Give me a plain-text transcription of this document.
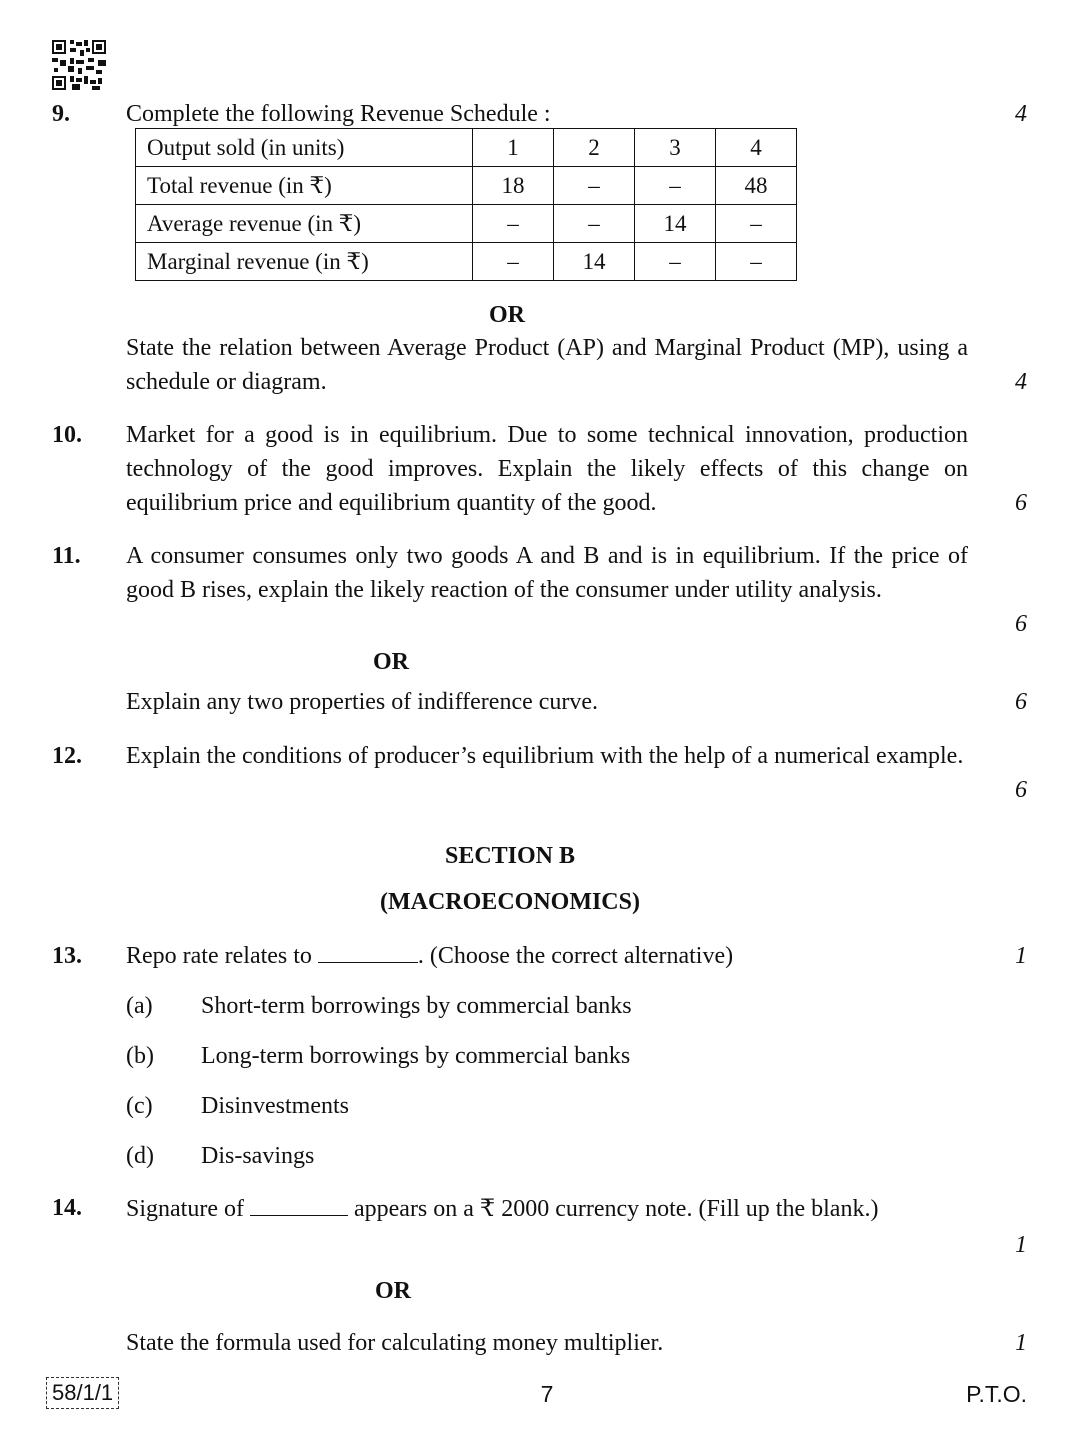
9. Complete the following Revenue Schedule :	4
Output sold (in units)	1	2	3	4
Total revenue (in ₹)	18	–	–	48
Average revenue (in ₹)	–	–	14	–
Marginal revenue (in ₹)	–	14	–	–
OR
State the relation between Average Product (AP) and Marginal Product (MP), using a schedule or diagram.	4
10. Market for a good is in equilibrium. Due to some technical innovation, production technology of the good improves. Explain the likely effects of this change on equilibrium price and equilibrium quantity of the good.	6
11. A consumer consumes only two goods A and B and is in equilibrium. If the price of good B rises, explain the likely reaction of the consumer under utility analysis.
6
OR
Explain any two properties of indifference curve.	6
12. Explain the conditions of producer’s equilibrium with the help of a numerical example.
6
SECTION B
(MACROECONOMICS)
13. Repo rate relates to	. (Choose the correct alternative)	1
(a) Short-term borrowings by commercial banks
(b) Long-term borrowings by commercial banks
(c) Disinvestments
(d) Dis-savings
14. Signature of	appears on a ₹ 2000 currency note. (Fill up the blank.)
1
OR
State the formula used for calculating money multiplier.	1
58/1/1	7	P.T.O.
